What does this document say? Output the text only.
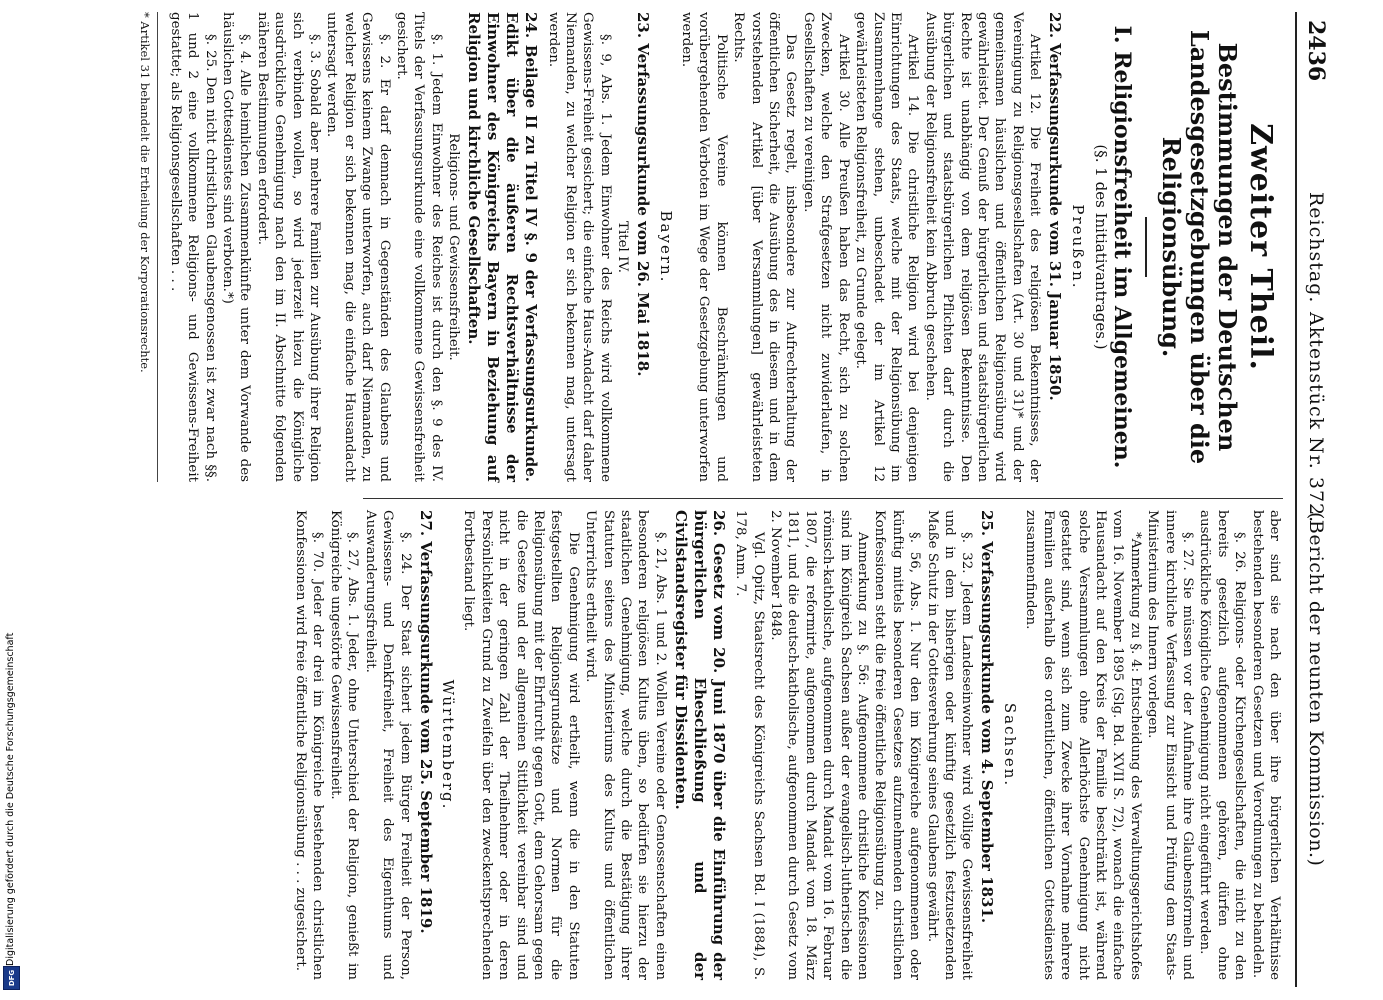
2436
Reichstag.
Aktenstück Nr. 372.
(Bericht der neunten Kommission.)
Zweiter Theil.
Bestimmungen der Deutschen Landesgesetzgebungen über die Religionsübung.
I. Religionsfreiheit im Allgemeinen.
(§. 1 des Initiativantrages.)
Preußen.
22. Verfassungsurkunde vom 31. Januar 1850.

Artikel 12. Die Freiheit des religiösen Bekenntnisses, der Vereinigung zu Religionsgesellschaften (Art. 30 und 31)* und der gemeinsamen häuslichen und öffentlichen Religionsübung wird gewährleistet. Der Genuß der bürgerlichen und staatsbürgerlichen Rechte ist unabhängig von dem religiösen Bekenntnisse. Den bürgerlichen und staatsbürgerlichen Pflichten darf durch die Ausübung der Religionsfreiheit kein Abbruch geschehen.

Artikel 14. Die christliche Religion wird bei denjenigen Einrichtungen des Staats, welche mit der Religionsübung im Zusammenhange stehen, unbeschadet der im Artikel 12 gewährleisteten Religionsfreiheit, zu Grunde gelegt.

Artikel 30. Alle Preußen haben das Recht, sich zu solchen Zwecken, welche den Strafgesetzen nicht zuwiderlaufen, in Gesellschaften zu vereinigen.

Das Gesetz regelt, insbesondere zur Aufrechterhaltung der öffentlichen Sicherheit, die Ausübung des in diesem und in dem vorstehenden Artikel [über Versammlungen] gewährleisteten Rechts.

Politische Vereine können Beschränkungen und vorübergehenden Verboten im Wege der Gesetzgebung unterworfen werden.

Bayern.
23. Verfassungsurkunde vom 26. Mai 1818.

Titel IV.

§. 9, Abs. 1. Jedem Einwohner des Reichs wird vollkommene Gewissens-Freiheit gesichert; die einfache Haus-Andacht darf daher Niemanden, zu welcher Religion er sich bekennen mag, untersagt werden.

24. Beilage II zu Titel IV §. 9 der Verfassungsurkunde. Edikt über die äußeren Rechtsverhältnisse der Einwohner des Königreichs Bayern in Beziehung auf Religion und kirchliche Gesellschaften.

Religions- und Gewissensfreiheit.

§. 1. Jedem Einwohner des Reiches ist durch den §. 9 des IV. Titels der Verfassungsurkunde eine vollkommene Gewissensfreiheit gesichert.

§. 2. Er darf demnach in Gegenständen des Glaubens und Gewissens keinem Zwange unterworfen, auch darf Niemanden, zu welcher Religion er sich bekennen mag, die einfache Hausandacht untersagt werden.

§. 3. Sobald aber mehrere Familien zur Ausübung ihrer Religion sich verbinden wollen, so wird jederzeit hiezu die Königliche ausdrückliche Genehmigung nach den im II. Abschnitte folgenden näheren Bestimmungen erfordert.

§. 4. Alle heimlichen Zusammenkünfte unter dem Vorwande des häuslichen Gottesdienstes sind verboten.*)

§. 25. Den nicht christlichen Glaubensgenossen ist zwar nach §§. 1 und 2 eine vollkommene Religions- und Gewissens-Freiheit gestattet; als Religionsgesellschaften . . .

* Artikel 31 behandelt die Ertheilung der Korporationsrechte.

aber sind sie nach den über ihre bürgerlichen Verhältnisse bestehenden besonderen Gesetzen und Verordnungen zu behandeln.

§. 26. Religions- oder Kirchengesellschaften, die nicht zu den bereits gesetzlich aufgenommenen gehören, dürfen ohne ausdrückliche Königliche Genehmigung nicht eingeführt werden.

§. 27. Sie müssen vor der Aufnahme ihre Glaubensformeln und innere kirchliche Verfassung zur Einsicht und Prüfung dem Staats-Ministerium des Innern vorlegen.

*Anmerkung zu §. 4: Entscheidung des Verwaltungsgerichtshofes vom 16. November 1895 (Slg. Bd. XVII S. 72), wonach die einfache Hausandacht auf den Kreis der Familie beschränkt ist, während solche Versammlungen ohne Allerhöchste Genehmigung nicht gestattet sind, wenn sich zum Zwecke ihrer Vornahme mehrere Familien außerhalb des ordentlichen, öffentlichen Gottesdienstes zusammenfinden.

Sachsen.
25. Verfassungsurkunde vom 4. September 1831.

§. 32. Jedem Landeseinwohner wird völlige Gewissensfreiheit und in dem bisherigen oder künftig gesetzlich festzusetzenden Maße Schutz in der Gottesverehrung seines Glaubens gewährt.

§. 56, Abs. 1. Nur den im Königreiche aufgenommenen oder künftig mittels besonderen Gesetzes aufzunehmenden christlichen Konfessionen steht die freie öffentliche Religionsübung zu.

Anmerkung zu §. 56: Aufgenommene christliche Konfessionen sind im Königreich Sachsen außer der evangelisch-lutherischen die römisch-katholische, aufgenommen durch Mandat vom 16. Februar 1807, die reformirte, aufgenommen durch Mandat vom 18. März 1811, und die deutsch-katholische, aufgenommen durch Gesetz vom 2. November 1848.

Vgl. Opitz, Staatsrecht des Königreichs Sachsen Bd. I (1884), S. 178, Anm. 7.

26. Gesetz vom 20. Juni 1870 über die Einführung der bürgerlichen Eheschließung und der Civilstandsregister für Dissidenten.

§. 21, Abs. 1 und 2. Wollen Vereine oder Genossenschaften einen besonderen religiösen Kultus üben, so bedürfen sie hierzu der staatlichen Genehmigung, welche durch die Bestätigung ihrer Statuten seitens des Ministeriums des Kultus und öffentlichen Unterrichts ertheilt wird.

Die Genehmigung wird ertheilt, wenn die in den Statuten festgestellten Religionsgrundsätze und Normen für die Religionsübung mit der Ehrfurcht gegen Gott, dem Gehorsam gegen die Gesetze und der allgemeinen Sittlichkeit vereinbar sind und nicht in der geringen Zahl der Theilnehmer oder in deren Persönlichkeiten Grund zu Zweifeln über den zweckentsprechenden Fortbestand liegt.

Württemberg.
27. Verfassungsurkunde vom 25. September 1819.

§. 24. Der Staat sichert jedem Bürger Freiheit der Person, Gewissens- und Denkfreiheit, Freiheit des Eigenthums und Auswanderungsfreiheit.

§. 27, Abs. 1. Jeder, ohne Unterschied der Religion, genießt im Königreiche ungestörte Gewissensfreiheit.

§. 70. Jeder der drei im Königreiche bestehenden christlichen Konfessionen wird freie öffentliche Religionsübung . . . zugesichert.

Digitalisierung gefördert durch die Deutsche Forschungsgemeinschaft
DFG
